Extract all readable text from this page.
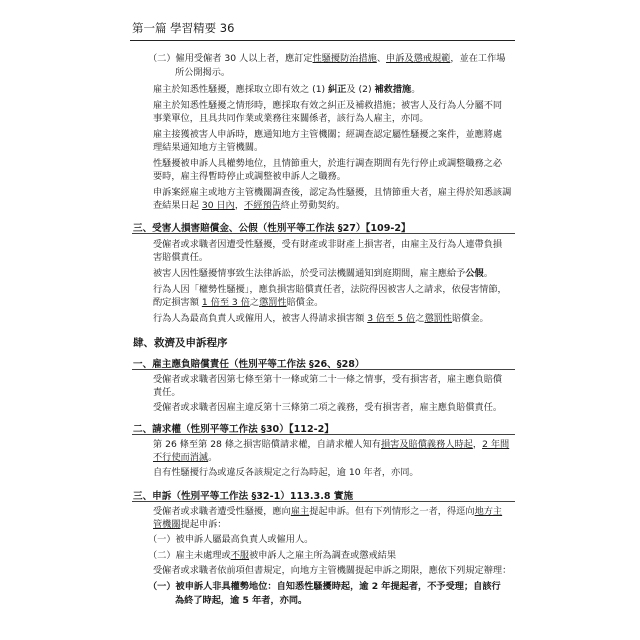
第一篇 學習精要 36
（二）僱用受僱者 30 人以上者，應訂定性騷擾防治措施、申訴及懲戒規範，並在工作場
所公開揭示。
雇主於知悉性騷擾，應採取立即有效之 (1) 糾正及 (2) 補救措施。
雇主於知悉性騷擾之情形時，應採取有效之糾正及補救措施；被害人及行為人分屬不同
事業單位，且具共同作業或業務往來關係者，該行為人雇主，亦同。
雇主接獲被害人申訴時，應通知地方主管機關；經調查認定屬性騷擾之案件，並應將處
理結果通知地方主管機關。
性騷擾被申訴人具權勢地位，且情節重大，於進行調查期間有先行停止或調整職務之必
要時，雇主得暫時停止或調整被申訴人之職務。
申訴案經雇主或地方主管機關調查後，認定為性騷擾，且情節重大者，雇主得於知悉該調
查結果日起 30 日內，不經預告終止勞動契約。
三、受害人損害賠償金、公假（性別平等工作法 §27）【109-2】
受僱者或求職者因遭受性騷擾，受有財產或非財產上損害者，由雇主及行為人連帶負損
害賠償責任。
被害人因性騷擾情事致生法律訴訟，於受司法機關通知到庭期間，雇主應給予公假。
行為人因「權勢性騷擾」，應負損害賠償責任者，法院得因被害人之請求，依侵害情節，
酌定損害額 1 倍至 3 倍之懲罰性賠償金。
行為人為最高負責人或僱用人，被害人得請求損害額 3 倍至 5 倍之懲罰性賠償金。
肆、救濟及申訴程序
一、雇主應負賠償責任（性別平等工作法 §26、§28）
受僱者或求職者因第七條至第十一條或第二十一條之情事，受有損害者，雇主應負賠償
責任。
受僱者或求職者因雇主違反第十三條第二項之義務，受有損害者，雇主應負賠償責任。
二、請求權（性別平等工作法 §30）【112-2】
第 26 條至第 28 條之損害賠償請求權，自請求權人知有損害及賠償義務人時起，2 年間
不行使而消滅。
自有性騷擾行為或違反各該規定之行為時起，逾 10 年者，亦同。
三、申訴（性別平等工作法 §32-1）113.3.8 實施
受僱者或求職者遭受性騷擾，應向雇主提起申訴。但有下列情形之一者，得逕向地方主
管機關提起申訴：
（一）被申訴人屬最高負責人或僱用人。
（二）雇主未處理或不服被申訴人之雇主所為調查或懲戒結果
受僱者或求職者依前項但書規定，向地方主管機關提起申訴之期限，應依下列規定辦理：
（一）被申訴人非具權勢地位：自知悉性騷擾時起，逾 2 年提起者，不予受理；自該行
為終了時起，逾 5 年者，亦同。
